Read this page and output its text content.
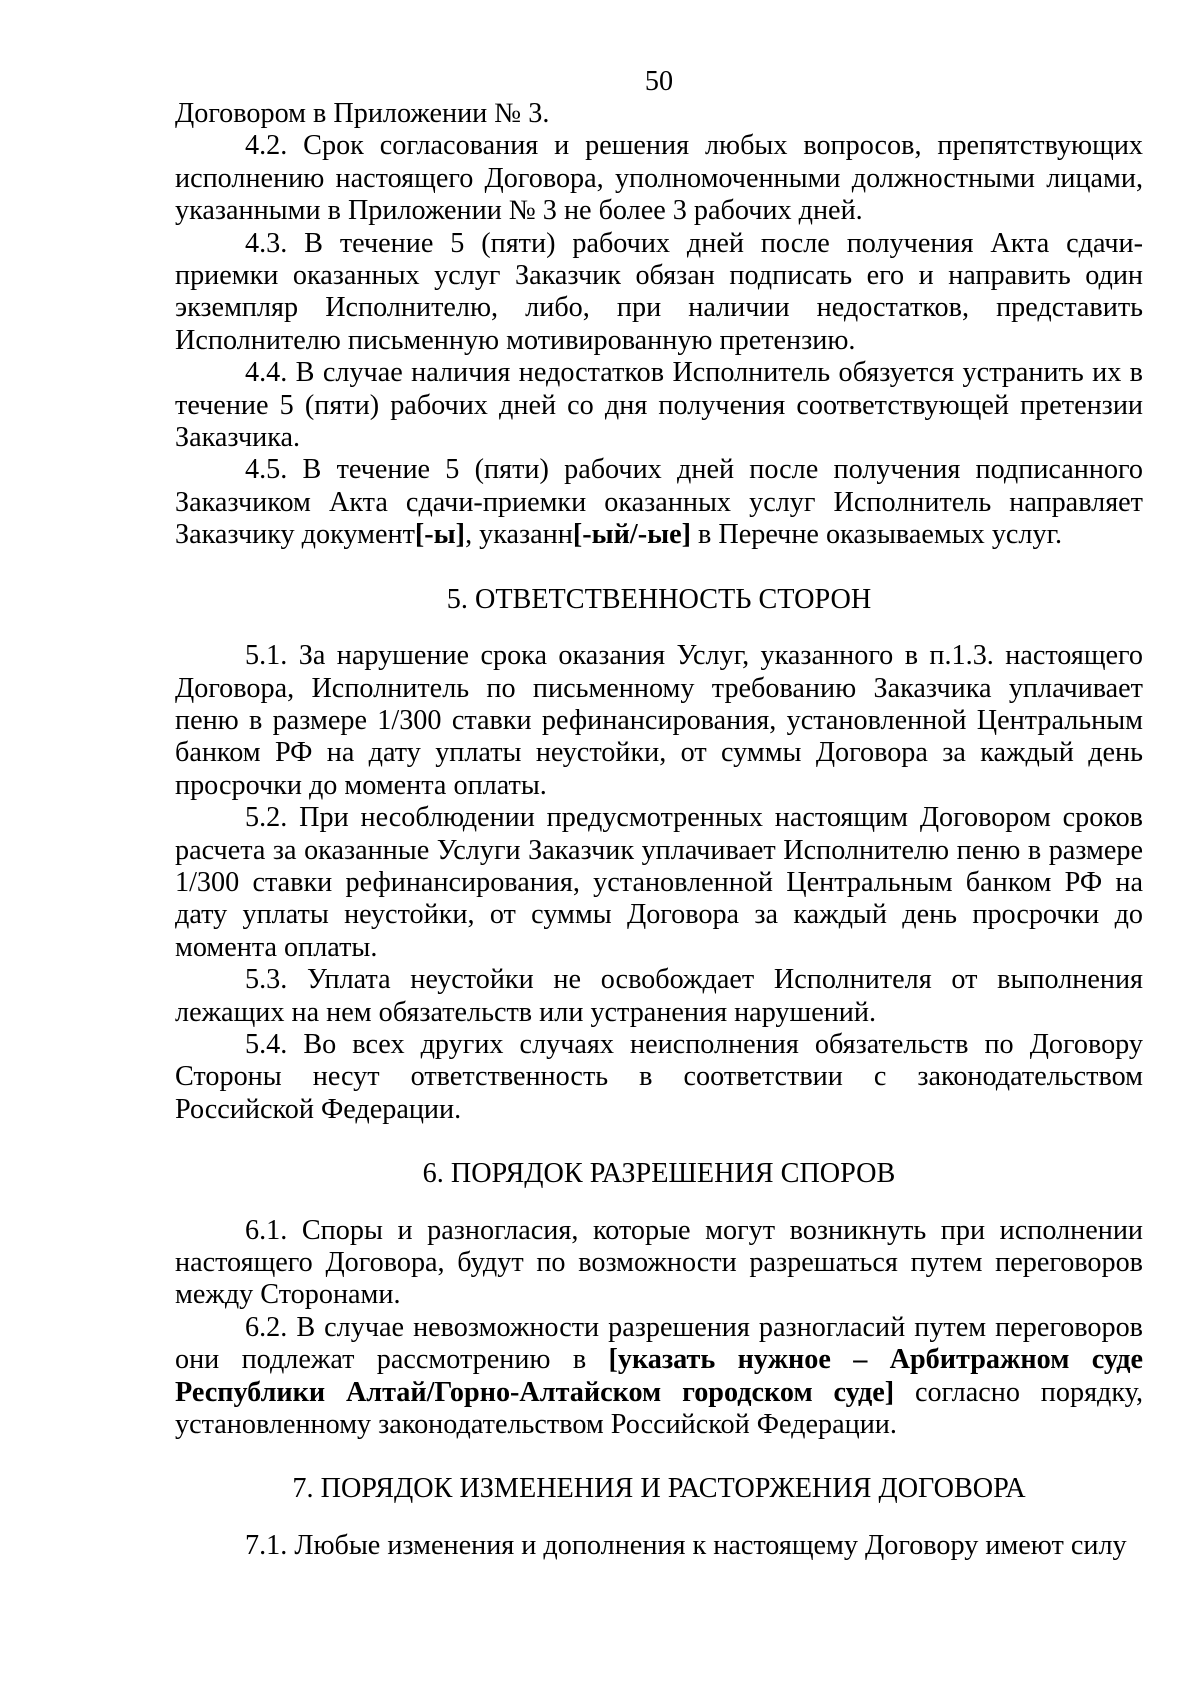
50

Договором в Приложении № 3.

4.2. Срок согласования и решения любых вопросов, препятствующих исполнению настоящего Договора, уполномоченными должностными лицами, указанными в Приложении № 3 не более 3 рабочих дней.

4.3. В течение 5 (пяти) рабочих дней после получения Акта сдачи-приемки оказанных услуг Заказчик обязан подписать его и направить один экземпляр Исполнителю, либо, при наличии недостатков, представить Исполнителю письменную мотивированную претензию.

4.4. В случае наличия недостатков Исполнитель обязуется устранить их в течение 5 (пяти) рабочих дней со дня получения соответствующей претензии Заказчика.

4.5. В течение 5 (пяти) рабочих дней после получения подписанного Заказчиком Акта сдачи-приемки оказанных услуг Исполнитель направляет Заказчику документ[-ы], указанн[-ый/-ые] в Перечне оказываемых услуг.

5. ОТВЕТСТВЕННОСТЬ СТОРОН

5.1. За нарушение срока оказания Услуг, указанного в п.1.3. настоящего Договора, Исполнитель по письменному требованию Заказчика уплачивает пеню в размере 1/300 ставки рефинансирования, установленной Центральным банком РФ на дату уплаты неустойки, от суммы Договора за каждый день просрочки до момента оплаты.

5.2. При несоблюдении предусмотренных настоящим Договором сроков расчета за оказанные Услуги Заказчик уплачивает Исполнителю пеню в размере 1/300 ставки рефинансирования, установленной Центральным банком РФ на дату уплаты неустойки, от суммы Договора за каждый день просрочки до момента оплаты.

5.3. Уплата неустойки не освобождает Исполнителя от выполнения лежащих на нем обязательств или устранения нарушений.

5.4. Во всех других случаях неисполнения обязательств по Договору Стороны несут ответственность в соответствии с законодательством Российской Федерации.

6. ПОРЯДОК РАЗРЕШЕНИЯ СПОРОВ

6.1. Споры и разногласия, которые могут возникнуть при исполнении настоящего Договора, будут по возможности разрешаться путем переговоров между Сторонами.

6.2. В случае невозможности разрешения разногласий путем переговоров они подлежат рассмотрению в [указать нужное – Арбитражном суде Республики Алтай/Горно-Алтайском городском суде] согласно порядку, установленному законодательством Российской Федерации.

7. ПОРЯДОК ИЗМЕНЕНИЯ И РАСТОРЖЕНИЯ ДОГОВОРА

7.1. Любые изменения и дополнения к настоящему Договору имеют силу
